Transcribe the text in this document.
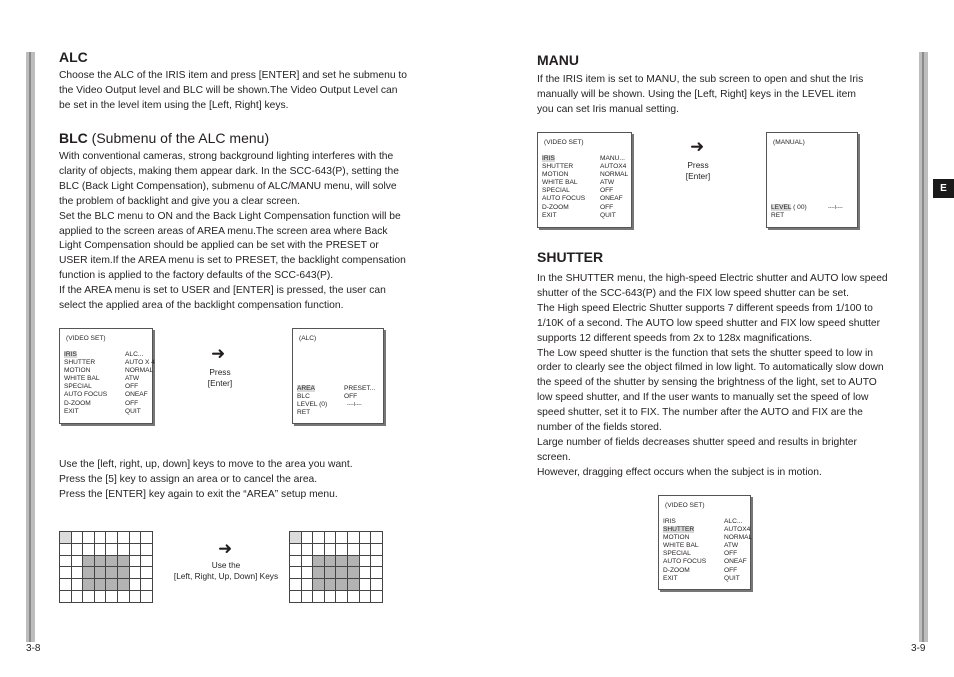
ALC

Choose the ALC of the IRIS item and press [ENTER] and set he submenu to
the Video Output level and BLC will be shown.The Video Output Level can
be set in the level item using the [Left, Right] keys.

BLC (Submenu of the ALC menu)

With conventional cameras, strong background lighting interferes with the
clarity of objects, making them appear dark. In the SCC-643(P), setting the
BLC (Back Light Compensation), submenu of ALC/MANU menu, will solve
the problem of backlight and give you a clear screen.
Set the BLC menu to ON and the Back Light Compensation function will be
applied to the screen areas of AREA menu.The screen area where Back
Light Compensation should be applied can be set with the PRESET or
USER item.If the AREA menu is set to PRESET, the backlight compensation
function is applied to the factory defaults of the SCC-643(P).
If the AREA menu is set to USER and [ENTER] is pressed, the user can
select the applied area of the backlight compensation function.

(VIDEO SET)
IRIS	ALC...
SHUTTER	AUTO X 4
MOTION	NORMAL
WHITE BAL	ATW
SPECIAL	OFF
AUTO FOCUS	ONEAF
D-ZOOM	OFF
EXIT	QUIT
➜
Press
[Enter]
(ALC)
AREA	PRESET...
BLC	OFF
LEVEL (0)	----I----
RET

Use the [left, right, up, down] keys to move to the area you want.
Press the [5] key to assign an area or to cancel the area.
Press the [ENTER] key again to exit the “AREA” setup menu.

➜
Use the
[Left, Right, Up, Down] Keys
3-8
MANU

If the IRIS item is set to MANU, the sub screen to open and shut the Iris
manually will be shown. Using the [Left, Right] keys in the LEVEL item
you can set Iris manual setting.

(VIDEO SET)
IRIS	MANU...
SHUTTER	AUTOX4
MOTION	NORMAL
WHITE BAL	ATW
SPECIAL	OFF
AUTO FOCUS	ONEAF
D-ZOOM	OFF
EXIT	QUIT
➜
Press
[Enter]
(MANUAL)
LEVEL ( 00)	----I----
RET
SHUTTER

In the SHUTTER menu, the high-speed Electric shutter and AUTO low speed
shutter of the SCC-643(P) and the FIX low speed shutter can be set.
The High speed Electric Shutter supports 7 different speeds from 1/100 to
1/10K of a second. The AUTO low speed shutter and FIX low speed shutter
supports 12 different speeds from 2x to 128x magnifications.
The Low speed shutter is the function that sets the shutter speed to low in
order to clearly see the object filmed in low light. To automatically slow down
the speed of the shutter by sensing the brightness of the light, set to AUTO
low speed shutter, and If the user wants to manually set the speed of low
speed shutter, set it to FIX. The number after the AUTO and FIX are the
number of the fields stored.
Large number of fields decreases shutter speed and results in brighter
screen.
However, dragging effect occurs when the subject is in motion.

(VIDEO SET)
IRIS	ALC...
SHUTTER	AUTOX4
MOTION	NORMAL
WHITE BAL	ATW
SPECIAL	OFF
AUTO FOCUS	ONEAF
D-ZOOM	OFF
EXIT	QUIT
E
3-9
